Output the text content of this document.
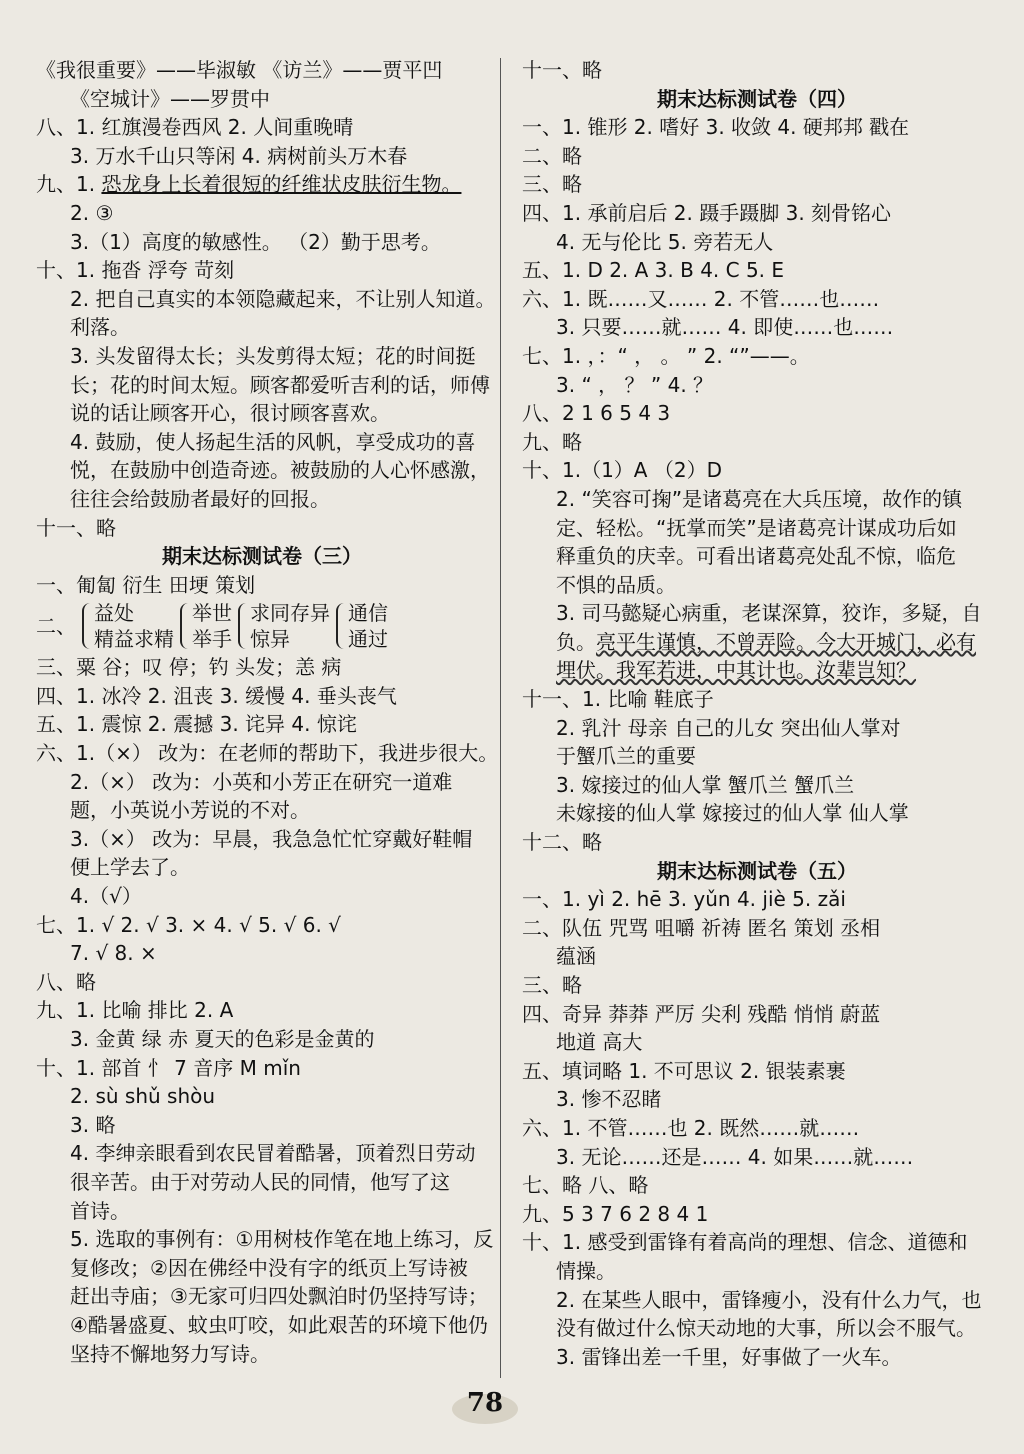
《我很重要》——毕淑敏 《访兰》——贾平凹
《空城计》——罗贯中
八、1. 红旗漫卷西风 2. 人间重晚晴
3. 万水千山只等闲 4. 病树前头万木春
九、1. 恐龙身上长着很短的纤维状皮肤衍生物。
2. ③
3.（1）高度的敏感性。 （2）勤于思考。
十、1. 拖沓 浮夸 苛刻
2. 把自己真实的本领隐藏起来，不让别人知道。
利落。
3. 头发留得太长；头发剪得太短；花的时间挺
长；花的时间太短。顾客都爱听吉利的话，师傅
说的话让顾客开心，很讨顾客喜欢。
4. 鼓励，使人扬起生活的风帆，享受成功的喜
悦，在鼓励中创造奇迹。被鼓励的人心怀感激，
往往会给鼓励者最好的回报。
十一、略
期末达标测试卷（三）
一、匍匐 衍生 田埂 策划
二、
益处
精益求精
举世
举手
求同存异
惊异
通信
通过
三、粟 谷；叹 停；钓 头发；恙 病
四、1. 冰冷 2. 沮丧 3. 缓慢 4. 垂头丧气
五、1. 震惊 2. 震撼 3. 诧异 4. 惊诧
六、1.（×） 改为：在老师的帮助下，我进步很大。
2.（×） 改为：小英和小芳正在研究一道难
题，小英说小芳说的不对。
3.（×） 改为：早晨，我急急忙忙穿戴好鞋帽
便上学去了。
4.（√）
七、1. √ 2. √ 3. × 4. √ 5. √ 6. √
7. √ 8. ×
八、略
九、1. 比喻 排比 2. A
3. 金黄 绿 赤 夏天的色彩是金黄的
十、1. 部首 忄 7 音序 M mǐn
2. sù shǔ shòu
3. 略
4. 李绅亲眼看到农民冒着酷暑，顶着烈日劳动
很辛苦。由于对劳动人民的同情，他写了这
首诗。
5. 选取的事例有：①用树枝作笔在地上练习，反
复修改；②因在佛经中没有字的纸页上写诗被
赶出寺庙；③无家可归四处飘泊时仍坚持写诗；
④酷暑盛夏、蚊虫叮咬，如此艰苦的环境下他仍
坚持不懈地努力写诗。
十一、略
期末达标测试卷（四）
一、1. 锥形 2. 嗜好 3. 收敛 4. 硬邦邦 戳在
二、略
三、略
四、1. 承前启后 2. 蹑手蹑脚 3. 刻骨铭心
4. 无与伦比 5. 旁若无人
五、1. D 2. A 3. B 4. C 5. E
六、1. 既……又…… 2. 不管……也……
3. 只要……就…… 4. 即使……也……
七、1. ，：“ ， 。 ” 2. “”——。
3. “ ， ？ ” 4. ？
八、2 1 6 5 4 3
九、略
十、1.（1）A （2）D
2. “笑容可掬”是诸葛亮在大兵压境，故作的镇
定、轻松。“抚掌而笑”是诸葛亮计谋成功后如
释重负的庆幸。可看出诸葛亮处乱不惊，临危
不惧的品质。
3. 司马懿疑心病重，老谋深算，狡诈，多疑，自
负。亮平生谨慎，不曾弄险。今大开城门，必有
埋伏。我军若进，中其计也。汝辈岂知？
十一、1. 比喻 鞋底子
2. 乳汁 母亲 自己的儿女 突出仙人掌对
于蟹爪兰的重要
3. 嫁接过的仙人掌 蟹爪兰 蟹爪兰
未嫁接的仙人掌 嫁接过的仙人掌 仙人掌
十二、略
期末达标测试卷（五）
一、1. yì 2. hē 3. yǔn 4. jiè 5. zǎi
二、队伍 咒骂 咀嚼 祈祷 匿名 策划 丞相
蕴涵
三、略
四、奇异 莽莽 严厉 尖利 残酷 悄悄 蔚蓝
地道 高大
五、填词略 1. 不可思议 2. 银装素裹
3. 惨不忍睹
六、1. 不管……也 2. 既然……就……
3. 无论……还是…… 4. 如果……就……
七、略 八、略
九、5 3 7 6 2 8 4 1
十、1. 感受到雷锋有着高尚的理想、信念、道德和
情操。
2. 在某些人眼中，雷锋瘦小，没有什么力气，也
没有做过什么惊天动地的大事，所以会不服气。
3. 雷锋出差一千里，好事做了一火车。
78
